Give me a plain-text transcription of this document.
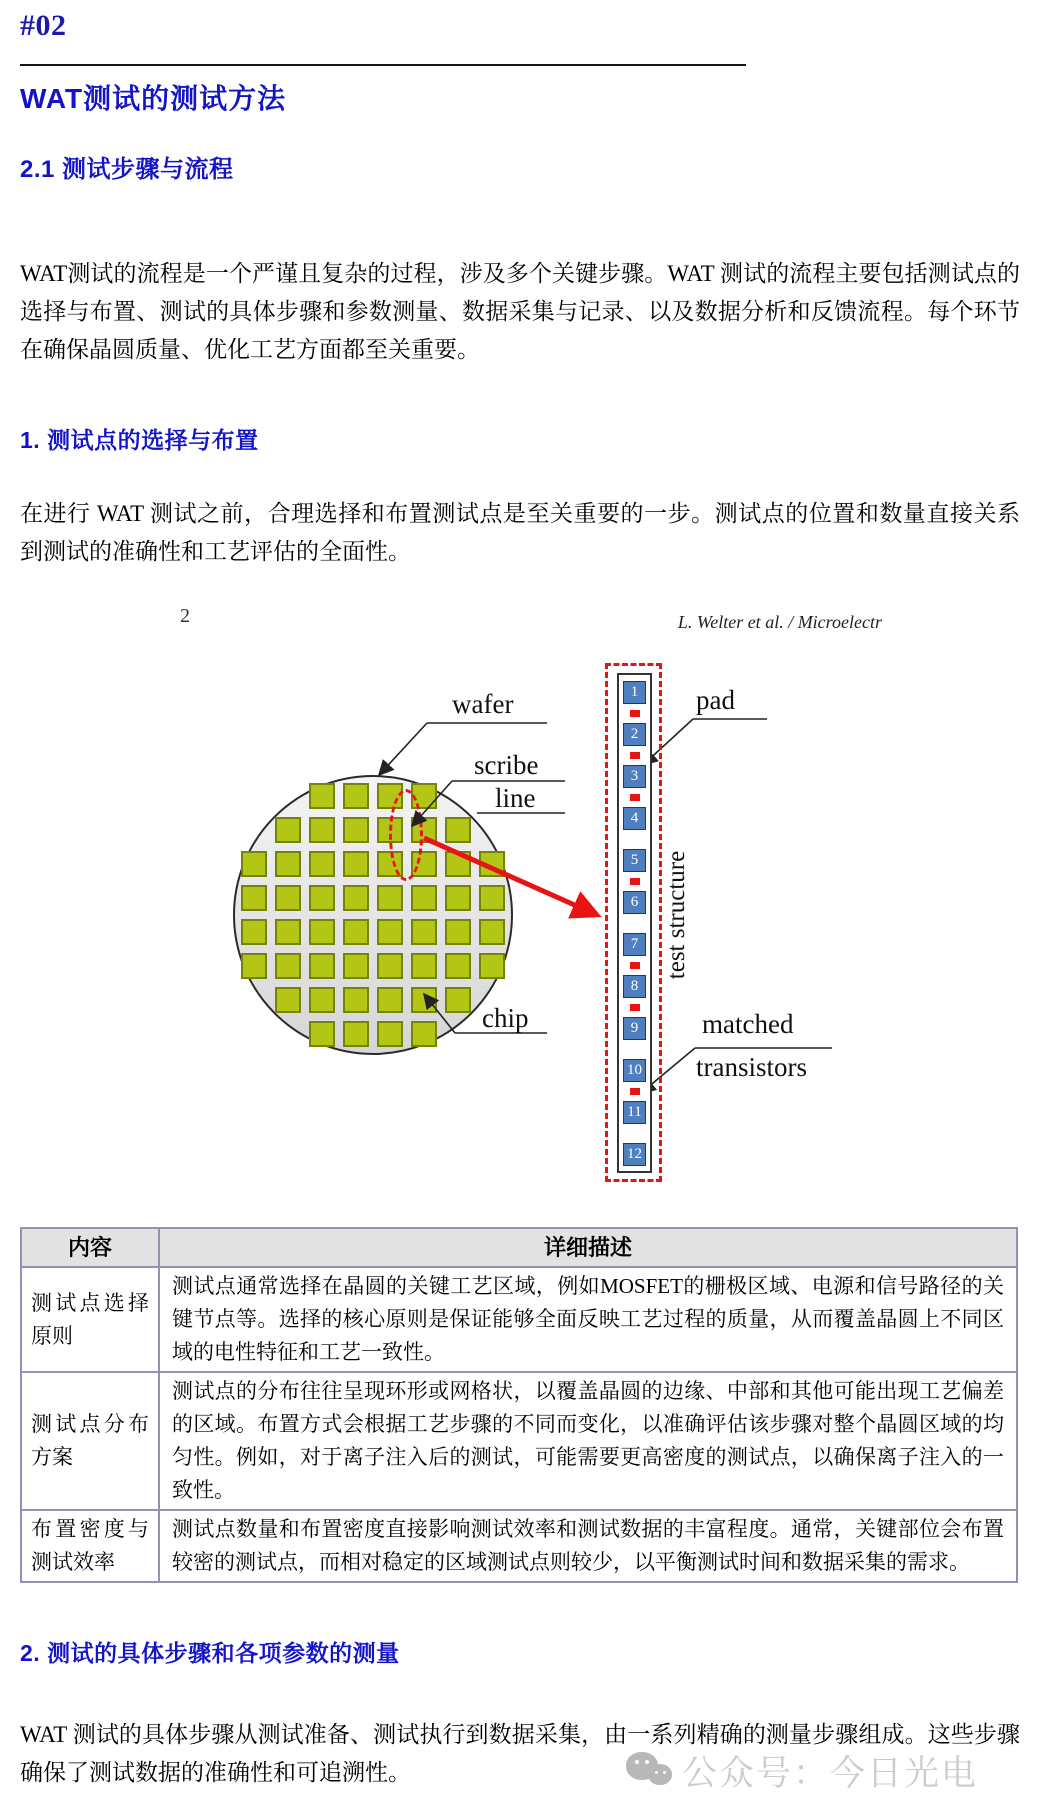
#02
WAT测试的测试方法
2.1 测试步骤与流程

WAT测试的流程是一个严谨且复杂的过程，涉及多个关键步骤。WAT 测试的流程主要包括测试点的选择与布置、测试的具体步骤和参数测量、数据采集与记录、以及数据分析和反馈流程。每个环节在确保晶圆质量、优化工艺方面都至关重要。

1. 测试点的选择与布置

在进行 WAT 测试之前，合理选择和布置测试点是至关重要的一步。测试点的位置和数量直接关系到测试的准确性和工艺评估的全面性。

2	L. Welter et al. / Microelectr
1
2
3
4
5
6
7
8
9
10
11
12
test structure
wafer
scribe
line
chip
pad
matched
transistors
内容	详细描述
测试点选择原则	测试点通常选择在晶圆的关键工艺区域，例如MOSFET的栅极区域、电源和信号路径的关键节点等。选择的核心原则是保证能够全面反映工艺过程的质量，从而覆盖晶圆上不同区域的电性特征和工艺一致性。
测试点分布方案	测试点的分布往往呈现环形或网格状，以覆盖晶圆的边缘、中部和其他可能出现工艺偏差的区域。布置方式会根据工艺步骤的不同而变化，以准确评估该步骤对整个晶圆区域的均匀性。例如，对于离子注入后的测试，可能需要更高密度的测试点，以确保离子注入的一致性。
布置密度与测试效率	测试点数量和布置密度直接影响测试效率和测试数据的丰富程度。通常，关键部位会布置较密的测试点，而相对稳定的区域测试点则较少，以平衡测试时间和数据采集的需求。
2. 测试的具体步骤和各项参数的测量

WAT 测试的具体步骤从测试准备、测试执行到数据采集，由一系列精确的测量步骤组成。这些步骤确保了测试数据的准确性和可追溯性。	公众号：今日光电
